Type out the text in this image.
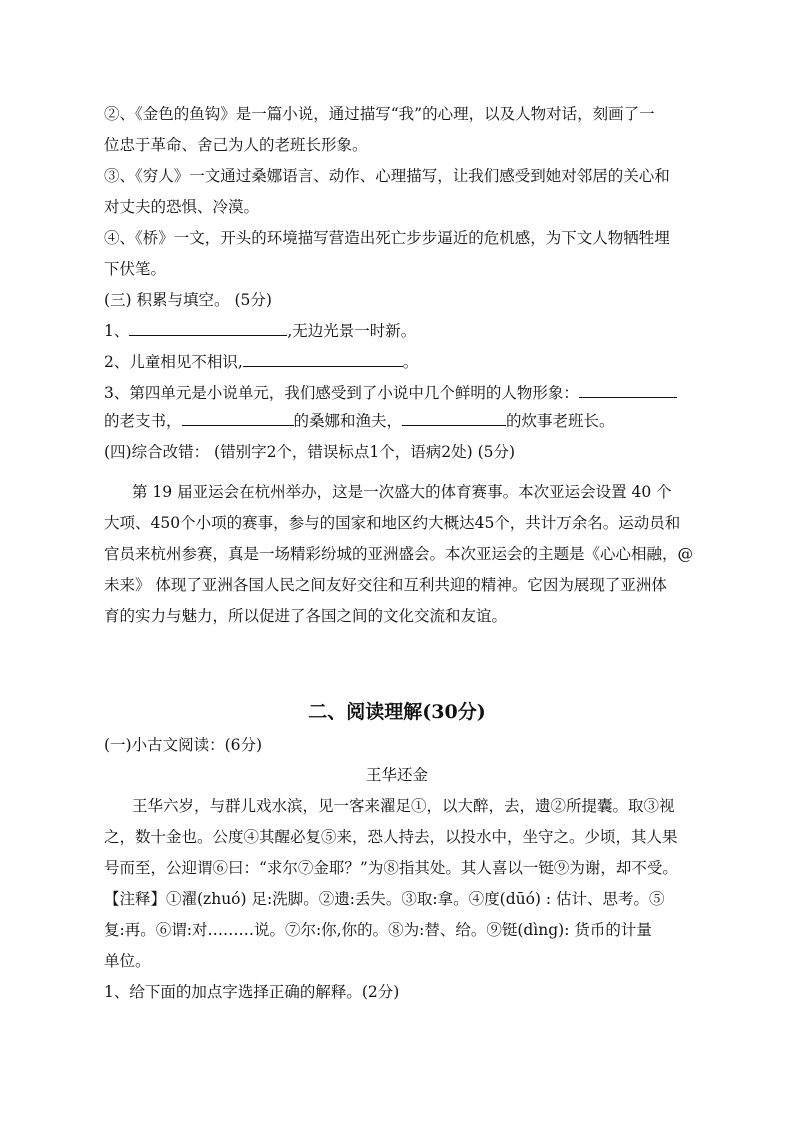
②、《金色的鱼钩》是一篇小说，通过描写“我”的心理，以及人物对话，刻画了一
位忠于革命、舍己为人的老班长形象。
③、《穷人》一文通过桑娜语言、动作、心理描写，让我们感受到她对邻居的关心和
对丈夫的恐惧、冷漠。
④、《桥》一文，开头的环境描写营造出死亡步步逼近的危机感，为下文人物牺牲埋
下伏笔。
(三) 积累与填空。 (5分)
1、	,无边光景一时新。
2、儿童相见不相识,	。
3、第四单元是小说单元，我们感受到了小说中几个鲜明的人物形象：
的老支书，	的桑娜和渔夫，	的炊事老班长。
(四)综合改错： (错别字2个，错误标点1个，语病2处) (5分)
第 19 届亚运会在杭州举办，这是一次盛大的体育赛事。本次亚运会设置 40 个
大项、450个小项的赛事，参与的国家和地区约大概达45个，共计万余名。运动员和
官员来杭州参赛，真是一场精彩纷城的亚洲盛会。本次亚运会的主题是《心心相融，@
未来》 体现了亚洲各国人民之间友好交往和互利共迎的精神。它因为展现了亚洲体
育的实力与魅力，所以促进了各国之间的文化交流和友谊。
二、阅读理解(30分)
(一)小古文阅读：(6分)
王华还金
王华六岁，与群儿戏水滨，见一客来濯足①，以大醉，去，遗②所提囊。取③视
之，数十金也。公度④其醒必复⑤来，恐人持去，以投水中，坐守之。少顷，其人果
号而至，公迎谓⑥曰：“求尔⑦金耶？”为⑧指其处。其人喜以一铤⑨为谢，却不受。
【注释】①濯(zhuó) 足:洗脚。②遗:丢失。③取:拿。④度(dūó) : 估计、思考。⑤
复:再。⑥谓:对………说。⑦尔:你,你的。⑧为:替、给。⑨铤(dìng): 货币的计量
单位。
1、给下面的加点字选择正确的解释。(2分)
